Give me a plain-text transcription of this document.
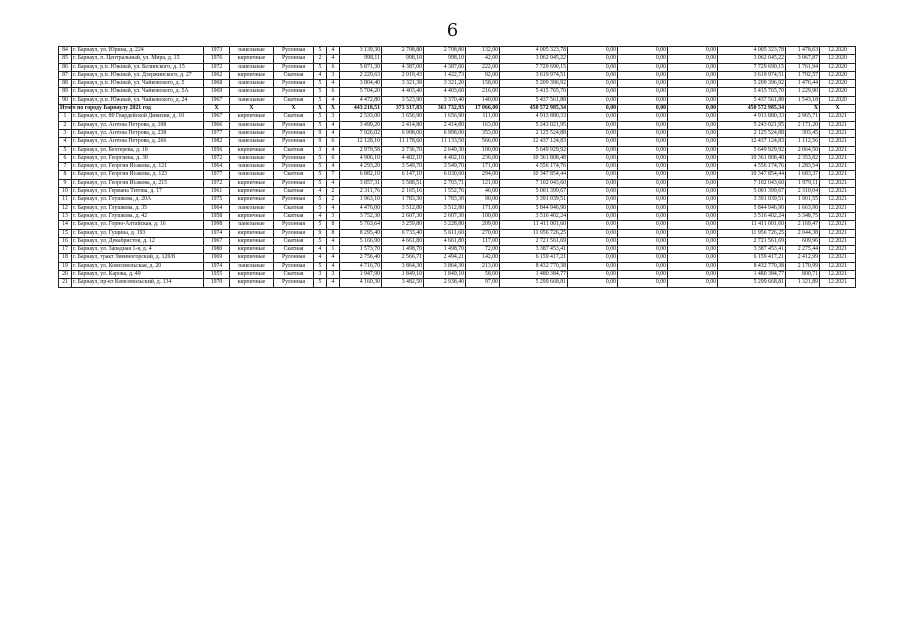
6
84	г. Барнаул, ул. Юрина, д. 224	1973	панельные	Рулонная	5	4	3 139,30	2 708,80	2 708,80	132,00	4 005 323,78	0,00	0,00	0,00	4 005 323,78	1 478,63	12.2020
85	г. Барнаул, п. Центральный, ул. Мира, д. 15	1976	кирпичные	Рулонная	2	4	998,11	998,10	998,10	42,00	3 062 045,22	0,00	0,00	0,00	3 062 045,22	3 067,87	12.2020
86	г. Барнаул, р.п. Южный, ул. Белинского, д. 15	1972	панельные	Рулонная	5	6	5 871,30	4 387,00	4 387,00	222,00	7 729 690,15	0,00	0,00	0,00	7 729 690,15	1 761,94	12.2020
87	г. Барнаул, р.п. Южный, ул. Дзержинского, д. 27	1962	кирпичные	Скатная	4	3	2 229,63	2 019,43	1 422,73	92,00	3 619 974,51	0,00	0,00	0,00	3 619 974,51	1 792,57	12.2020
88	г. Барнаул, р.п. Южный, ул. Чайковского, д. 5	1968	панельные	Рулонная	5	4	3 804,40	3 321,38	3 321,20	158,00	5 209 396,92	0,00	0,00	0,00	5 209 396,92	1 476,44	12.2020
89	г. Барнаул, р.п. Южный, ул. Чайковского, д. 5А	1969	панельные	Рулонная	5	6	5 704,20	4 403,40	4 403,60	216,00	5 415 765,70	0,00	0,00	0,00	5 415 765,70	1 229,90	12.2020
90	г. Барнаул, р.п. Южный, ул. Чайковского, д. 24	1967	панельные	Скатная	5	4	4 472,80	3 523,90	3 370,40	140,00	5 437 561,88	0,00	0,00	0,00	5 437 561,88	1 543,18	12.2020
Итого по городу Барнаулу 2021 год		X	X	X	X	X	443 218,51	373 317,83	361 732,93	17 066,00	450 572 985,34	0,00	0,00	0,00	450 572 985,34	X	X
1	г. Барнаул, ул. 80 Гвардейской Дивизии, д. 10	1967	кирпичные	Скатная	5	3	2 533,00	1 656,90	1 656,90	111,00	4 913 880,33	0,00	0,00	0,00	4 913 880,33	2 965,71	12.2021
2	г. Барнаул, ул. Антона Петрова, д. 108	1966	панельные	Рулонная	5	4	3 499,20	2 414,80	2 414,80	163,00	5 243 021,95	0,00	0,00	0,00	5 243 021,95	2 171,20	12.2021
3	г. Барнаул, ул. Антона Петрова, д. 238	1977	панельные	Рулонная	9	4	7 926,02	6 998,00	6 998,00	353,00	2 125 524,88	0,00	0,00	0,00	2 125 524,88	303,45	12.2021
4	г. Барнаул, ул. Антона Петрова, д. 266	1982	панельные	Рулонная	9	6	12 128,10	11 178,60	11 133,50	566,00	12 437 124,83	0,00	0,00	0,00	12 437 124,83	1 112,56	12.2021
5	г. Барнаул, ул. Бехтерева, д. 10	1956	кирпичные	Скатная	3	4	2 979,58	2 736,70	2 649,30	100,00	5 649 929,92	0,00	0,00	0,00	5 649 929,92	2 064,50	12.2021
6	г. Барнаул, ул. Георгиева, д. 30	1972	панельные	Рулонная	5	6	4 906,10	4 402,10	4 402,10	236,00	10 361 808,48	0,00	0,00	0,00	10 361 808,48	2 353,82	12.2021
7	г. Барнаул, ул. Георгия Исакова, д. 121	1964	панельные	Рулонная	5	4	4 293,20	3 549,70	3 549,70	171,00	4 556 174,76	0,00	0,00	0,00	4 556 174,76	1 283,54	12.2021
8	г. Барнаул, ул. Георгия Исакова, д. 123	1977	панельные	Скатная	5	7	6 882,10	6 147,10	6 030,60	294,00	10 347 854,44	0,00	0,00	0,00	10 347 854,44	1 683,37	12.2021
9	г. Барнаул, ул. Георгия Исакова, д. 215	1972	кирпичные	Рулонная	5	4	3 857,31	3 588,51	2 703,71	121,00	7 102 043,60	0,00	0,00	0,00	7 102 043,60	1 979,11	12.2021
10	г. Барнаул, ул. Германа Титова, д. 17	1961	кирпичные	Скатная	4	2	2 311,76	2 165,16	1 552,76	46,00	5 001 399,67	0,00	0,00	0,00	5 001 399,67	2 310,04	12.2021
11	г. Барнаул, ул. Глушкова, д. 20А	1975	кирпичные	Рулонная	5	2	1 963,10	1 783,30	1 783,30	90,00	3 391 039,51	0,00	0,00	0,00	3 391 039,51	1 901,55	12.2021
12	г. Барнаул, ул. Глушкова, д. 35	1964	панельные	Скатная	5	4	4 476,00	3 512,80	3 512,80	171,00	5 844 946,90	0,00	0,00	0,00	5 844 946,90	1 663,90	12.2021
13	г. Барнаул, ул. Глушкова, д. 42	1958	кирпичные	Скатная	4	3	3 752,30	2 607,30	2 607,30	100,00	3 516 402,24	0,00	0,00	0,00	3 516 402,24	3 348,75	12.2021
14	г. Барнаул, ул. Горно-Алтайская, д. 16	1998	панельные	Рулонная	5	8	5 763,64	3 259,80	3 228,80	209,00	11 411 001,60	0,00	0,00	0,00	11 411 001,60	2 169,47	12.2021
15	г. Барнаул, ул. Гущина, д. 193	1974	кирпичные	Рулонная	9	8	8 295,40	6 733,40	5 611,60	270,00	11 956 726,25	0,00	0,00	0,00	11 956 726,25	2 044,38	12.2021
16	г. Барнаул, ул. Декабристов, д. 12	1967	кирпичные	Скатная	5	4	5 166,90	4 661,80	4 661,80	117,00	2 721 561,69	0,00	0,00	0,00	2 721 561,69	609,96	12.2021
17	г. Барнаул, ул. Западная 1-я, д. 4	1980	кирпичные	Скатная	4	1	1 573,70	1 498,70	1 498,70	72,00	3 387 453,41	0,00	0,00	0,00	3 387 453,41	2 275,44	12.2021
18	г. Барнаул, тракт Змеиногорский, д. 120/8	1969	кирпичные	Рулонная	4	4	2 756,40	2 566,71	2 494,21	142,00	6 159 417,21	0,00	0,00	0,00	6 159 417,21	2 412,99	12.2021
19	г. Барнаул, ул. Комсомольская, д. 20	1974	панельные	Рулонная	5	4	4 716,70	3 864,30	3 864,30	213,00	8 432 770,38	0,00	0,00	0,00	8 432 770,38	2 170,99	12.2021
20	г. Барнаул, ул. Карова, д. 49	1955	кирпичные	Скатная	3	3	1 947,90	1 849,10	1 849,10	58,00	1 480 384,77	0,00	0,00	0,00	1 480 384,77	800,71	12.2021
21	г. Барнаул, пр-кт Комсомольский, д. 134	1970	кирпичные	Рулонная	5	4	4 160,30	3 482,50	2 938,40	97,00	5 299 668,81	0,00	0,00	0,00	5 299 668,81	1 321,89	12.2021
